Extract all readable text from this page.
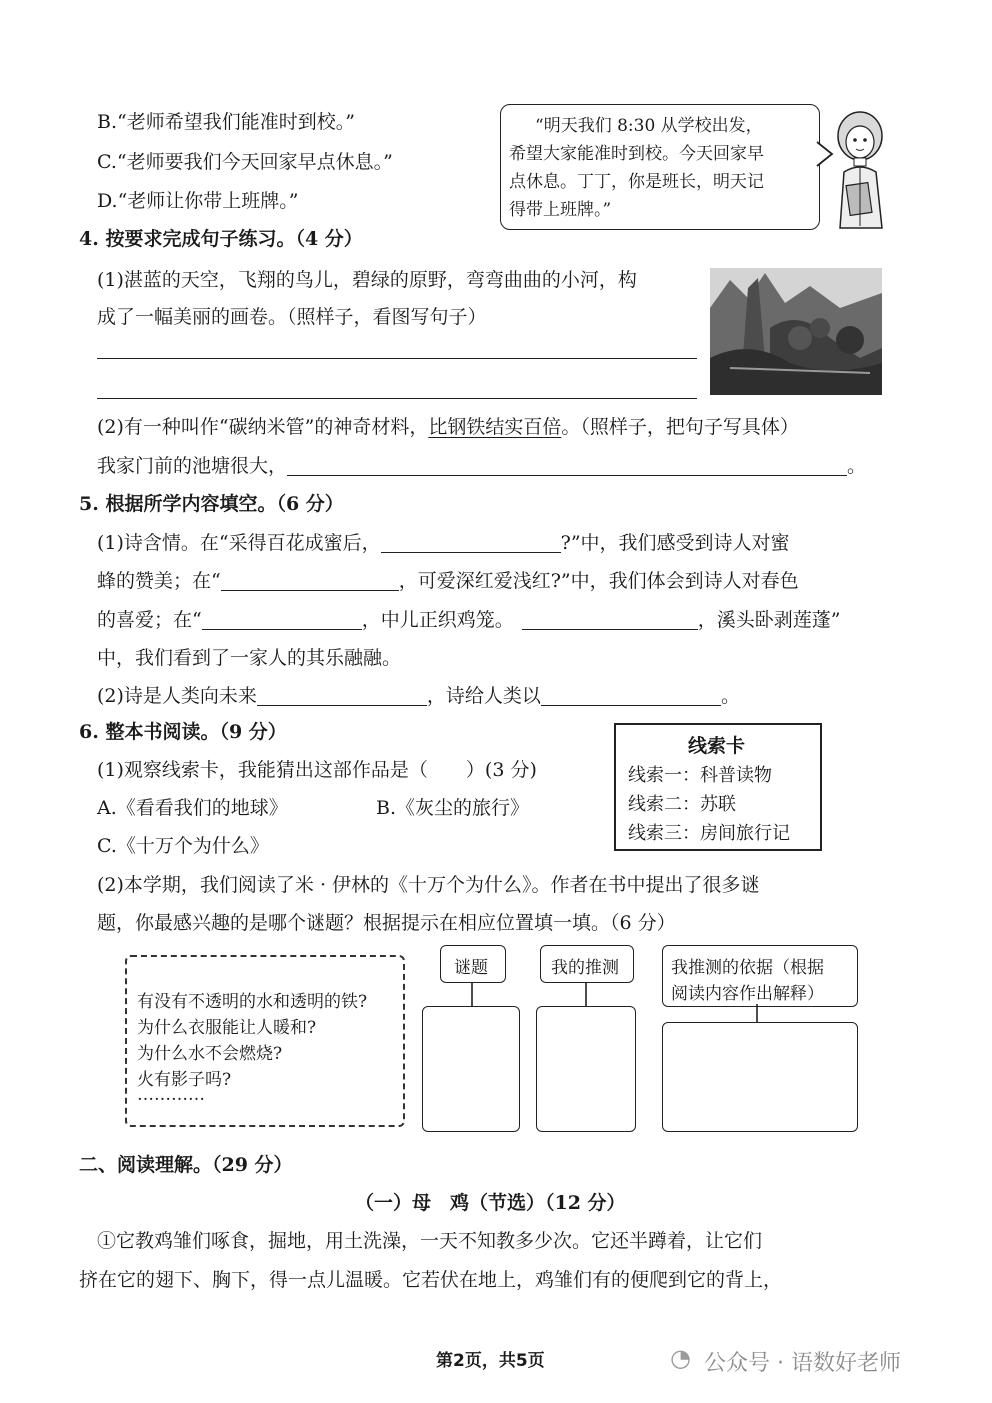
B.“老师希望我们能准时到校。”
C.“老师要我们今天回家早点休息。”
D.“老师让你带上班牌。”
“明天我们 8:30 从学校出发，
希望大家能准时到校。今天回家早
点休息。丁丁，你是班长，明天记
得带上班牌。”
4. 按要求完成句子练习。（4 分）
(1)湛蓝的天空，飞翔的鸟儿，碧绿的原野，弯弯曲曲的小河，构
成了一幅美丽的画卷。（照样子，看图写句子）
(2)有一种叫作“碳纳米管”的神奇材料，比钢铁结实百倍。（照样子，把句子写具体）
我家门前的池塘很大，	。
5. 根据所学内容填空。（6 分）
(1)诗含情。在“采得百花成蜜后，	?”中，我们感受到诗人对蜜
蜂的赞美；在“	，可爱深红爱浅红?”中，我们体会到诗人对春色
的喜爱；在“	，中儿正织鸡笼。	，溪头卧剥莲蓬”
中，我们看到了一家人的其乐融融。
(2)诗是人类向未来	，诗给人类以	。
6. 整本书阅读。（9 分）
(1)观察线索卡，我能猜出这部作品是（　　）(3 分)
A.《看看我们的地球》	B.《灰尘的旅行》
C.《十万个为什么》
线索卡
线索一：科普读物
线索二：苏联
线索三：房间旅行记
(2)本学期，我们阅读了米 · 伊林的《十万个为什么》。作者在书中提出了很多谜
题，你最感兴趣的是哪个谜题？根据提示在相应位置填一填。（6 分）
有没有不透明的水和透明的铁?
为什么衣服能让人暖和?
为什么水不会燃烧?
火有影子吗?
…………
谜题	我的推测	我推测的依据（根据
阅读内容作出解释）
二、阅读理解。（29 分）
（一）母　鸡（节选）（12 分）
①它教鸡雏们啄食，掘地，用土洗澡，一天不知教多少次。它还半蹲着，让它们
挤在它的翅下、胸下，得一点儿温暖。它若伏在地上，鸡雏们有的便爬到它的背上，
第2页，共5页	◔ 公众号 · 语数好老师
